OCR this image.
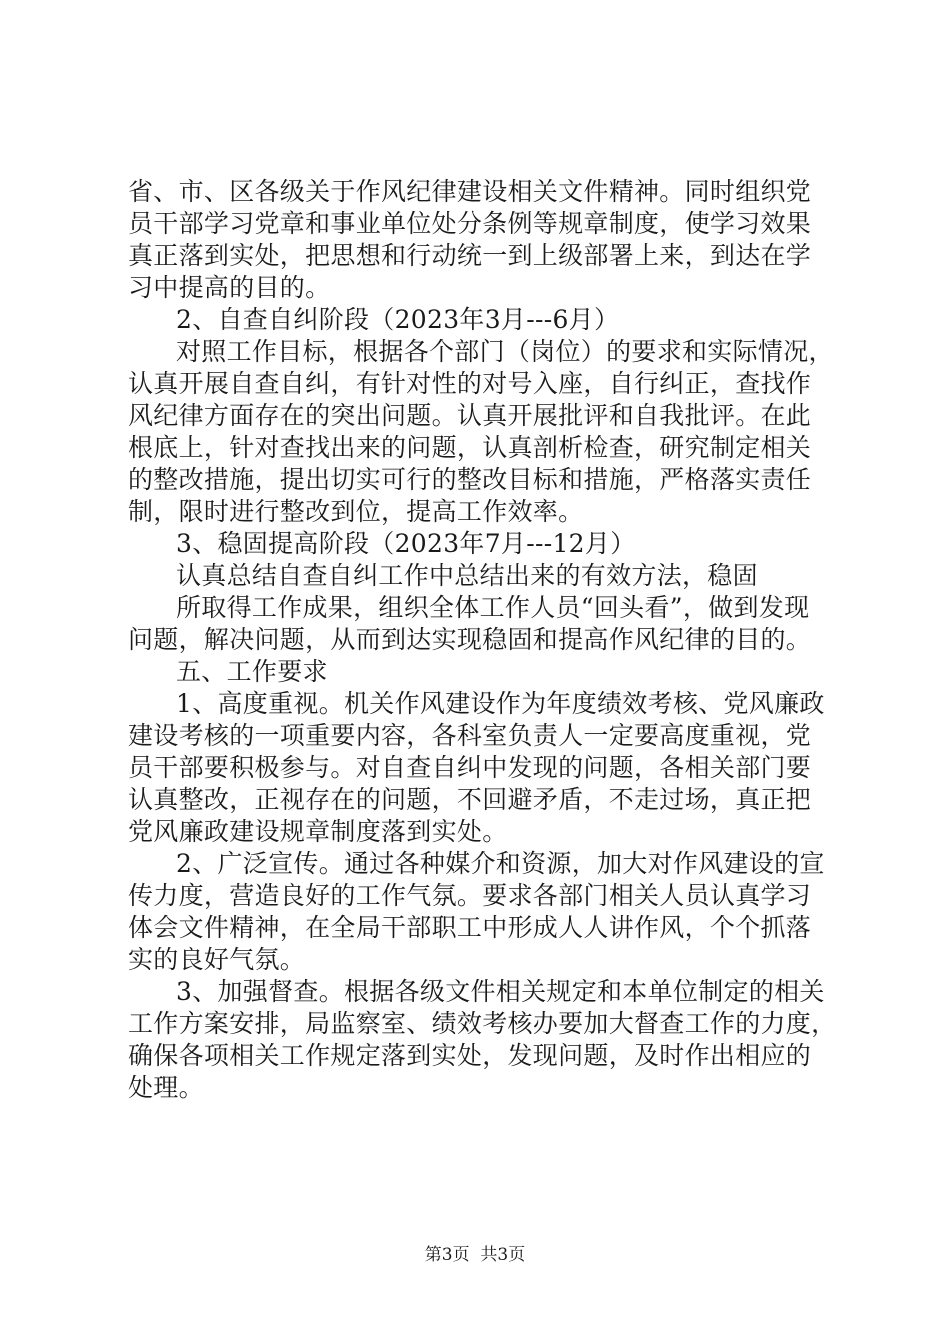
省、市、区各级关于作风纪律建设相关文件精神。同时组织党
员干部学习党章和事业单位处分条例等规章制度，使学习效果
真正落到实处，把思想和行动统一到上级部署上来，到达在学
习中提高的目的。
2、自查自纠阶段（2023年3月---6月）
对照工作目标，根据各个部门（岗位）的要求和实际情况，
认真开展自查自纠，有针对性的对号入座，自行纠正，查找作
风纪律方面存在的突出问题。认真开展批评和自我批评。在此
根底上，针对查找出来的问题，认真剖析检查，研究制定相关
的整改措施，提出切实可行的整改目标和措施，严格落实责任
制，限时进行整改到位，提高工作效率。
3、稳固提高阶段（2023年7月---12月）
认真总结自查自纠工作中总结出来的有效方法，稳固
所取得工作成果，组织全体工作人员“回头看”，做到发现
问题，解决问题，从而到达实现稳固和提高作风纪律的目的。
五、工作要求
1、高度重视。机关作风建设作为年度绩效考核、党风廉政
建设考核的一项重要内容，各科室负责人一定要高度重视，党
员干部要积极参与。对自查自纠中发现的问题，各相关部门要
认真整改，正视存在的问题，不回避矛盾，不走过场，真正把
党风廉政建设规章制度落到实处。
2、广泛宣传。通过各种媒介和资源，加大对作风建设的宣
传力度，营造良好的工作气氛。要求各部门相关人员认真学习
体会文件精神，在全局干部职工中形成人人讲作风，个个抓落
实的良好气氛。
3、加强督查。根据各级文件相关规定和本单位制定的相关
工作方案安排，局监察室、绩效考核办要加大督查工作的力度，
确保各项相关工作规定落到实处，发现问题，及时作出相应的
处理。
第3页  共3页
